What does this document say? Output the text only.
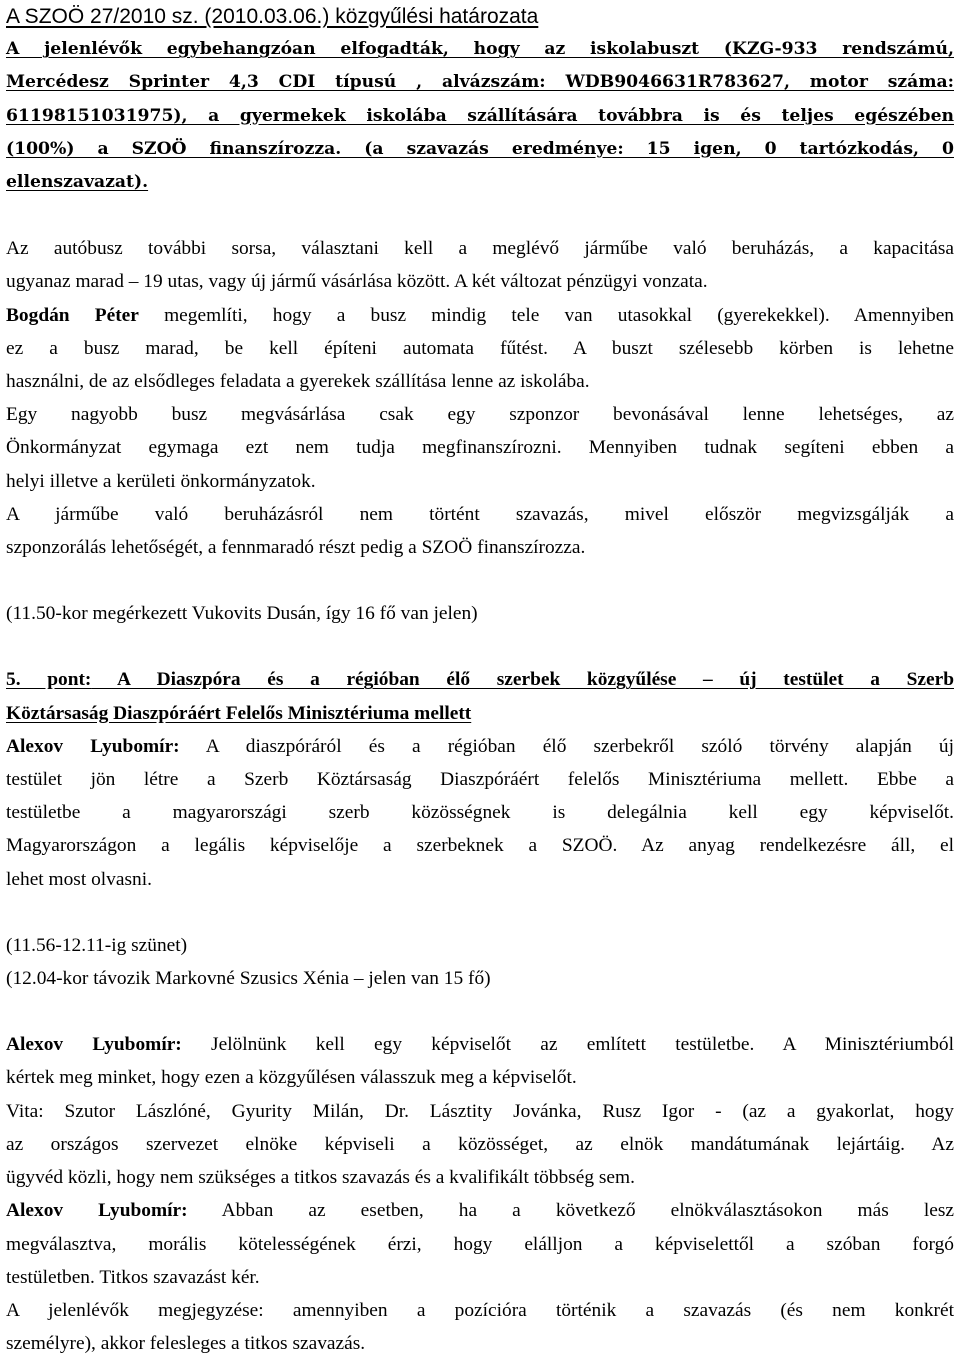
A SZOÖ 27/2010 sz. (2010.03.06.) közgyűlési határozata
A jelenlévők egybehangzóan elfogadták, hogy az iskolabuszt (KZG-933 rendszámú,
Mercédesz Sprinter 4,3 CDI típusú , alvázszám: WDB9046631R783627, motor száma:
61198151031975), a gyermekek iskolába szállítására továbbra is és teljes egészében
(100%) a SZOÖ finanszírozza. (a szavazás eredménye: 15 igen, 0 tartózkodás, 0
ellenszavazat).

Az autóbusz további sorsa, választani kell a meglévő járműbe való beruházás, a kapacitása
ugyanaz marad – 19 utas, vagy új jármű vásárlása között. A két változat pénzügyi vonzata.

Bogdán Péter megemlíti, hogy a busz mindig tele van utasokkal (gyerekekkel). Amennyiben
ez a busz marad, be kell építeni automata fűtést. A buszt szélesebb körben is lehetne
használni, de az elsődleges feladata a gyerekek szállítása lenne az iskolába.

Egy nagyobb busz megvásárlása csak egy szponzor bevonásával lenne lehetséges, az
Önkormányzat egymaga ezt nem tudja megfinanszírozni. Mennyiben tudnak segíteni ebben a
helyi illetve a kerületi önkormányzatok.

A járműbe való beruházásról nem történt szavazás, mivel először megvizsgálják a
szponzorálás lehetőségét, a fennmaradó részt pedig a SZOÖ finanszírozza.

(11.50-kor megérkezett Vukovits Dusán, így 16 fő van jelen)

5. pont: A Diaszpóra és a régióban élő szerbek közgyűlése – új testület a Szerb
Köztársaság Diaszpóráért Felelős Minisztériuma mellett

Alexov Lyubomír: A diaszpóráról és a régióban élő szerbekről szóló törvény alapján új
testület jön létre a Szerb Köztársaság Diaszpóráért felelős Minisztériuma mellett. Ebbe a
testületbe a magyarországi szerb közösségnek is delegálnia kell egy képviselőt.
Magyarországon a legális képviselője a szerbeknek a SZOÖ. Az anyag rendelkezésre áll, el
lehet most olvasni.

(11.56-12.11-ig szünet)

(12.04-kor távozik Markovné Szusics Xénia – jelen van 15 fő)

Alexov Lyubomír: Jelölnünk kell egy képviselőt az említett testületbe. A Minisztériumból
kértek meg minket, hogy ezen a közgyűlésen válasszuk meg a képviselőt.

Vita: Szutor Lászlóné, Gyurity Milán, Dr. Lásztity Jovánka, Rusz Igor - (az a gyakorlat, hogy
az országos szervezet elnöke képviseli a közösséget, az elnök mandátumának lejártáig. Az
ügyvéd közli, hogy nem szükséges a titkos szavazás és a kvalifikált többség sem.

Alexov Lyubomír: Abban az esetben, ha a következő elnökválasztásokon más lesz
megválasztva, morális kötelességének érzi, hogy elálljon a képviselettől a szóban forgó
testületben. Titkos szavazást kér.

A jelenlévők megjegyzése: amennyiben a pozícióra történik a szavazás (és nem konkrét
személyre), akkor felesleges a titkos szavazás.
